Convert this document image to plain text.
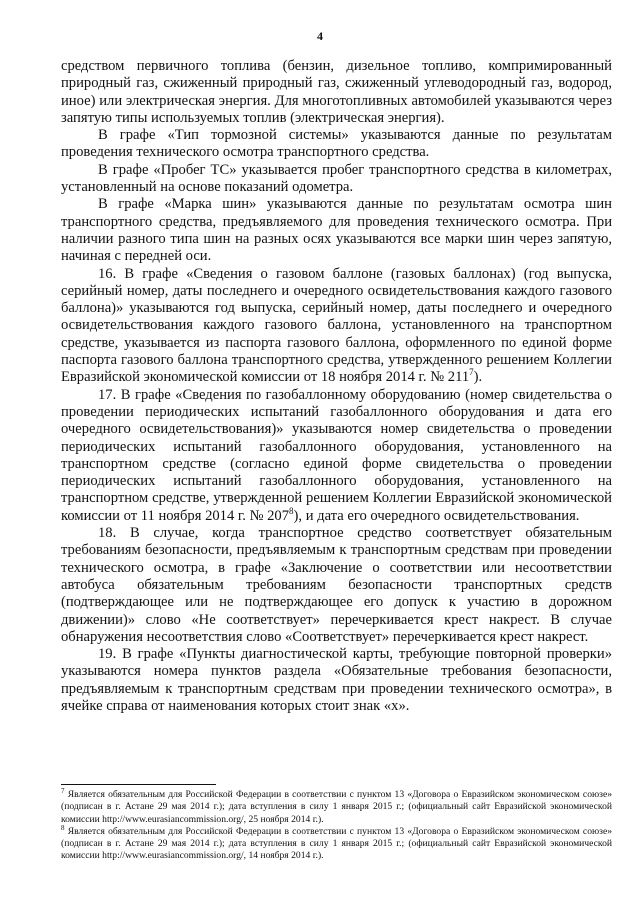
4

средством первичного топлива (бензин, дизельное топливо, компримированный природный газ, сжиженный природный газ, сжиженный углеводородный газ, водород, иное) или электрическая энергия. Для многотопливных автомобилей указываются через запятую типы используемых топлив (электрическая энергия).

В графе «Тип тормозной системы» указываются данные по результатам проведения технического осмотра транспортного средства.

В графе «Пробег ТС» указывается пробег транспортного средства в километрах, установленный на основе показаний одометра.

В графе «Марка шин» указываются данные по результатам осмотра шин транспортного средства, предъявляемого для проведения технического осмотра. При наличии разного типа шин на разных осях указываются все марки шин через запятую, начиная с передней оси.

16. В графе «Сведения о газовом баллоне (газовых баллонах) (год выпуска, серийный номер, даты последнего и очередного освидетельствования каждого газового баллона)» указываются год выпуска, серийный номер, даты последнего и очередного освидетельствования каждого газового баллона, установленного на транспортном средстве, указывается из паспорта газового баллона, оформленного по единой форме паспорта газового баллона транспортного средства, утвержденного решением Коллегии Евразийской экономической комиссии от 18 ноября 2014 г. № $211^7$).

17. В графе «Сведения по газобаллонному оборудованию (номер свидетельства о проведении периодических испытаний газобаллонного оборудования и дата его очередного освидетельствования)» указываются номер свидетельства о проведении периодических испытаний газобаллонного оборудования, установленного на транспортном средстве (согласно единой форме свидетельства о проведении периодических испытаний газобаллонного оборудования, установленного на транспортном средстве, утвержденной решением Коллегии Евразийской экономической комиссии от 11 ноября 2014 г. № $207^8$), и дата его очередного освидетельствования.

18. В случае, когда транспортное средство соответствует обязательным требованиям безопасности, предъявляемым к транспортным средствам при проведении технического осмотра, в графе «Заключение о соответствии или несоответствии автобуса обязательным требованиям безопасности транспортных средств (подтверждающее или не подтверждающее его допуск к участию в дорожном движении)» слово «Не соответствует» перечеркивается крест накрест. В случае обнаружения несоответствия слово «Соответствует» перечеркивается крест накрест.

19. В графе «Пункты диагностической карты, требующие повторной проверки» указываются номера пунктов раздела «Обязательные требования безопасности, предъявляемым к транспортным средствам при проведении технического осмотра», в ячейке справа от наименования которых стоит знак «х».

$^7$ Является обязательным для Российской Федерации в соответствии с пунктом 13 «Договора о Евразийском экономическом союзе» (подписан в г. Астане 29 мая 2014 г.); дата вступления в силу 1 января 2015 г.; (официальный сайт Евразийской экономической комиссии http://www.eurasiancommission.org/, 25 ноября 2014 г.).

$^8$ Является обязательным для Российской Федерации в соответствии с пунктом 13 «Договора о Евразийском экономическом союзе» (подписан в г. Астане 29 мая 2014 г.); дата вступления в силу 1 января 2015 г.; (официальный сайт Евразийской экономической комиссии http://www.eurasiancommission.org/, 14 ноября 2014 г.).
